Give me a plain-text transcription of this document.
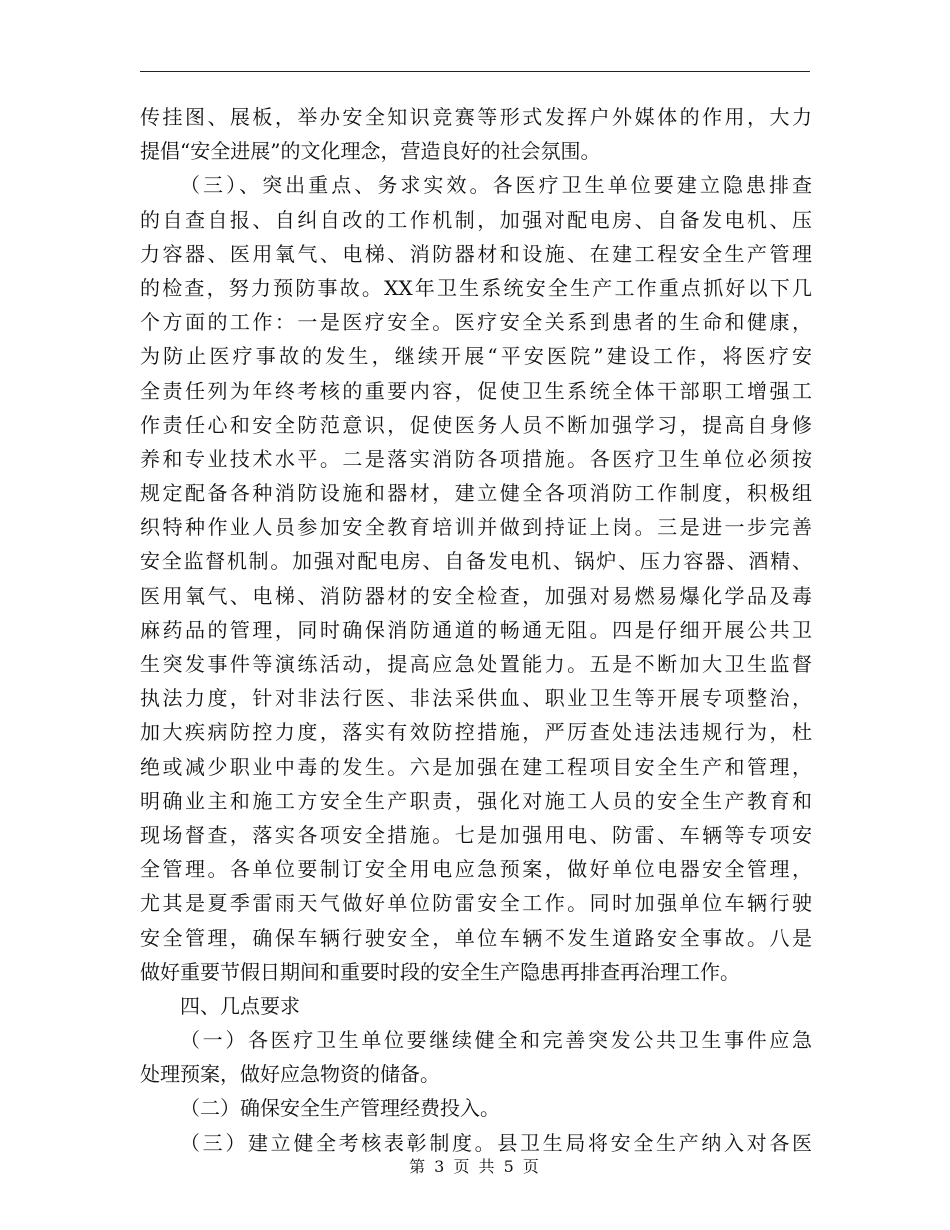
传挂图、展板，举办安全知识竞赛等形式发挥户外媒体的作用，大力
提倡“安全进展”的文化理念，营造良好的社会氛围。
（三）、突出重点、务求实效。各医疗卫生单位要建立隐患排查
的自查自报、自纠自改的工作机制，加强对配电房、自备发电机、压
力容器、医用氧气、电梯、消防器材和设施、在建工程安全生产管理
的检查，努力预防事故。XX年卫生系统安全生产工作重点抓好以下几
个方面的工作：一是医疗安全。医疗安全关系到患者的生命和健康，
为防止医疗事故的发生，继续开展“平安医院”建设工作，将医疗安
全责任列为年终考核的重要内容，促使卫生系统全体干部职工增强工
作责任心和安全防范意识，促使医务人员不断加强学习，提高自身修
养和专业技术水平。二是落实消防各项措施。各医疗卫生单位必须按
规定配备各种消防设施和器材，建立健全各项消防工作制度，积极组
织特种作业人员参加安全教育培训并做到持证上岗。三是进一步完善
安全监督机制。加强对配电房、自备发电机、锅炉、压力容器、酒精、
医用氧气、电梯、消防器材的安全检查，加强对易燃易爆化学品及毒
麻药品的管理，同时确保消防通道的畅通无阻。四是仔细开展公共卫
生突发事件等演练活动，提高应急处置能力。五是不断加大卫生监督
执法力度，针对非法行医、非法采供血、职业卫生等开展专项整治，
加大疾病防控力度，落实有效防控措施，严厉查处违法违规行为，杜
绝或减少职业中毒的发生。六是加强在建工程项目安全生产和管理，
明确业主和施工方安全生产职责，强化对施工人员的安全生产教育和
现场督查，落实各项安全措施。七是加强用电、防雷、车辆等专项安
全管理。各单位要制订安全用电应急预案，做好单位电器安全管理，
尤其是夏季雷雨天气做好单位防雷安全工作。同时加强单位车辆行驶
安全管理，确保车辆行驶安全，单位车辆不发生道路安全事故。八是
做好重要节假日期间和重要时段的安全生产隐患再排查再治理工作。
四、几点要求
（一）各医疗卫生单位要继续健全和完善突发公共卫生事件应急
处理预案，做好应急物资的储备。
（二）确保安全生产管理经费投入。
（三）建立健全考核表彰制度。县卫生局将安全生产纳入对各医
第 3 页 共 5 页
